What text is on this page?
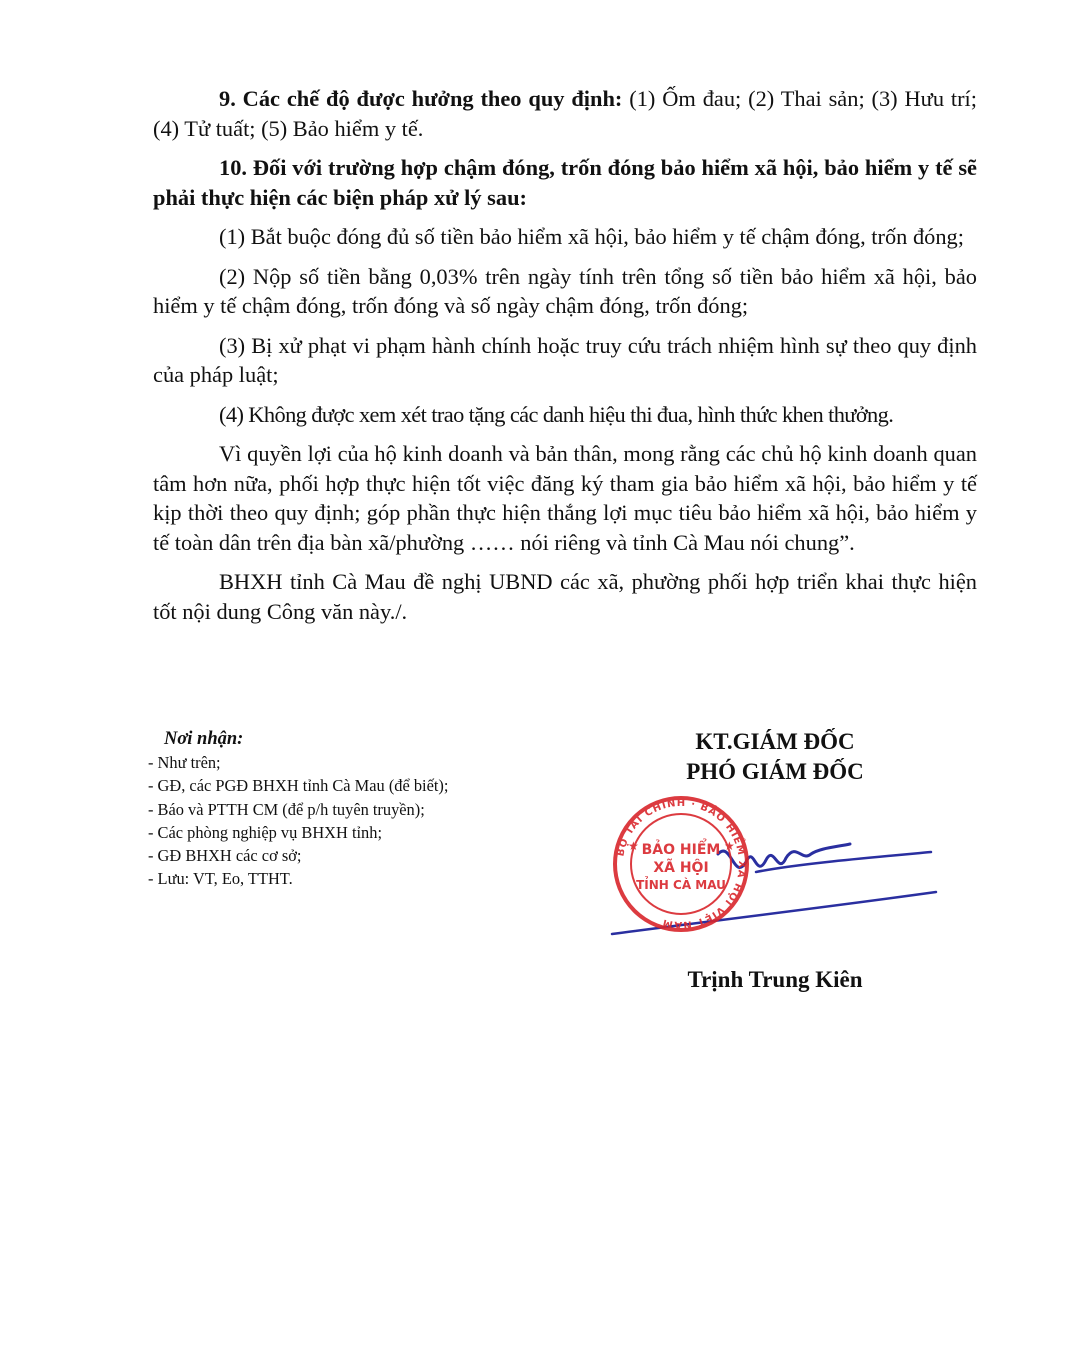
9. Các chế độ được hưởng theo quy định: (1) Ốm đau; (2) Thai sản; (3) Hưu trí; (4) Tử tuất; (5) Bảo hiểm y tế.

10. Đối với trường hợp chậm đóng, trốn đóng bảo hiểm xã hội, bảo hiểm y tế sẽ phải thực hiện các biện pháp xử lý sau:

(1) Bắt buộc đóng đủ số tiền bảo hiểm xã hội, bảo hiểm y tế chậm đóng, trốn đóng;

(2) Nộp số tiền bằng 0,03% trên ngày tính trên tổng số tiền bảo hiểm xã hội, bảo hiểm y tế chậm đóng, trốn đóng và số ngày chậm đóng, trốn đóng;

(3) Bị xử phạt vi phạm hành chính hoặc truy cứu trách nhiệm hình sự theo quy định của pháp luật;

(4) Không được xem xét trao tặng các danh hiệu thi đua, hình thức khen thưởng.

Vì quyền lợi của hộ kinh doanh và bản thân, mong rằng các chủ hộ kinh doanh quan tâm hơn nữa, phối hợp thực hiện tốt việc đăng ký tham gia bảo hiểm xã hội, bảo hiểm y tế kịp thời theo quy định; góp phần thực hiện thắng lợi mục tiêu bảo hiểm xã hội, bảo hiểm y tế toàn dân trên địa bàn xã/phường …… nói riêng và tỉnh Cà Mau nói chung”.

BHXH tỉnh Cà Mau đề nghị UBND các xã, phường phối hợp triển khai thực hiện tốt nội dung Công văn này./.

Nơi nhận:
- Như trên;
- GĐ, các PGĐ BHXH tỉnh Cà Mau (để biết);
- Báo và PTTH CM (để p/h tuyên truyền);
- Các phòng nghiệp vụ BHXH tỉnh;
- GĐ BHXH các cơ sở;
- Lưu: VT, Eo, TTHT.
KT.GIÁM ĐỐC
PHÓ GIÁM ĐỐC
BỘ TÀI CHÍNH · BẢO HIỂM XÃ HỘI VIỆT NAM
BẢO HIỂM
XÃ HỘI
TỈNH CÀ MAU
★	★
Trịnh Trung Kiên
